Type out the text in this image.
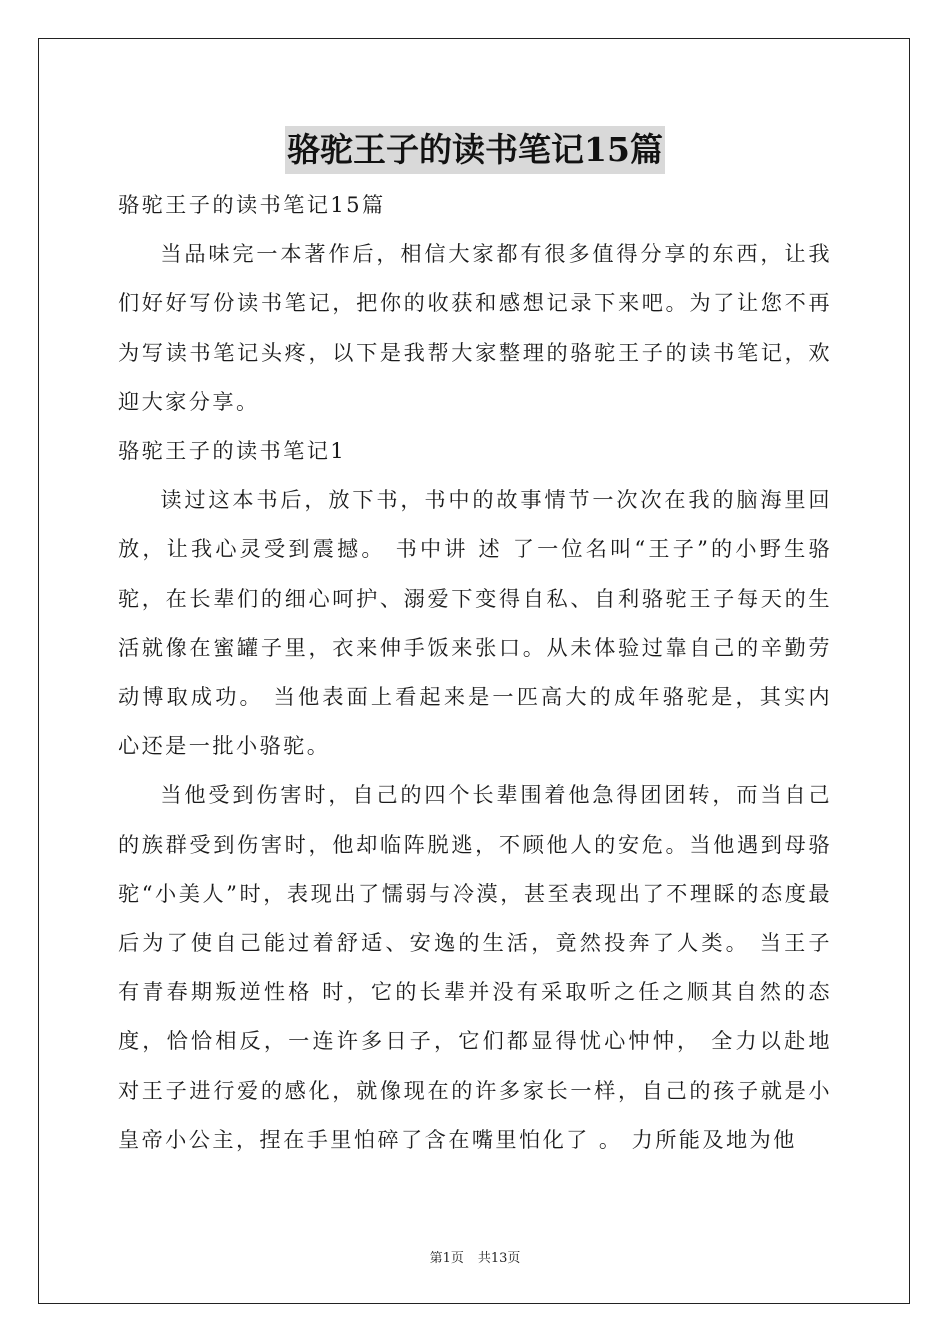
骆驼王子的读书笔记15篇

骆驼王子的读书笔记15篇

当品味完一本著作后，相信大家都有很多值得分享的东西，让我们好好写份读书笔记，把你的收获和感想记录下来吧。为了让您不再为写读书笔记头疼，以下是我帮大家整理的骆驼王子的读书笔记，欢迎大家分享。

骆驼王子的读书笔记1

读过这本书后，放下书，书中的故事情节一次次在我的脑海里回放，让我心灵受到震撼。 书中讲 述 了一位名叫“王子”的小野生骆驼，在长辈们的细心呵护、溺爱下变得自私、自利骆驼王子每天的生活就像在蜜罐子里，衣来伸手饭来张口。从未体验过靠自己的辛勤劳动博取成功。 当他表面上看起来是一匹高大的成年骆驼是，其实内心还是一批小骆驼。

当他受到伤害时，自己的四个长辈围着他急得团团转，而当自己的族群受到伤害时，他却临阵脱逃，不顾他人的安危。当他遇到母骆驼“小美人”时，表现出了懦弱与冷漠，甚至表现出了不理睬的态度最后为了使自己能过着舒适、安逸的生活，竟然投奔了人类。 当王子 有青春期叛逆性格 时，它的长辈并没有采取听之任之顺其自然的态度，恰恰相反，一连许多日子，它们都显得忧心忡忡， 全力以赴地对王子进行爱的感化，就像现在的许多家长一样，自己的孩子就是小皇帝小公主，捏在手里怕碎了含在嘴里怕化了 。 力所能及地为他

第1页 共13页
